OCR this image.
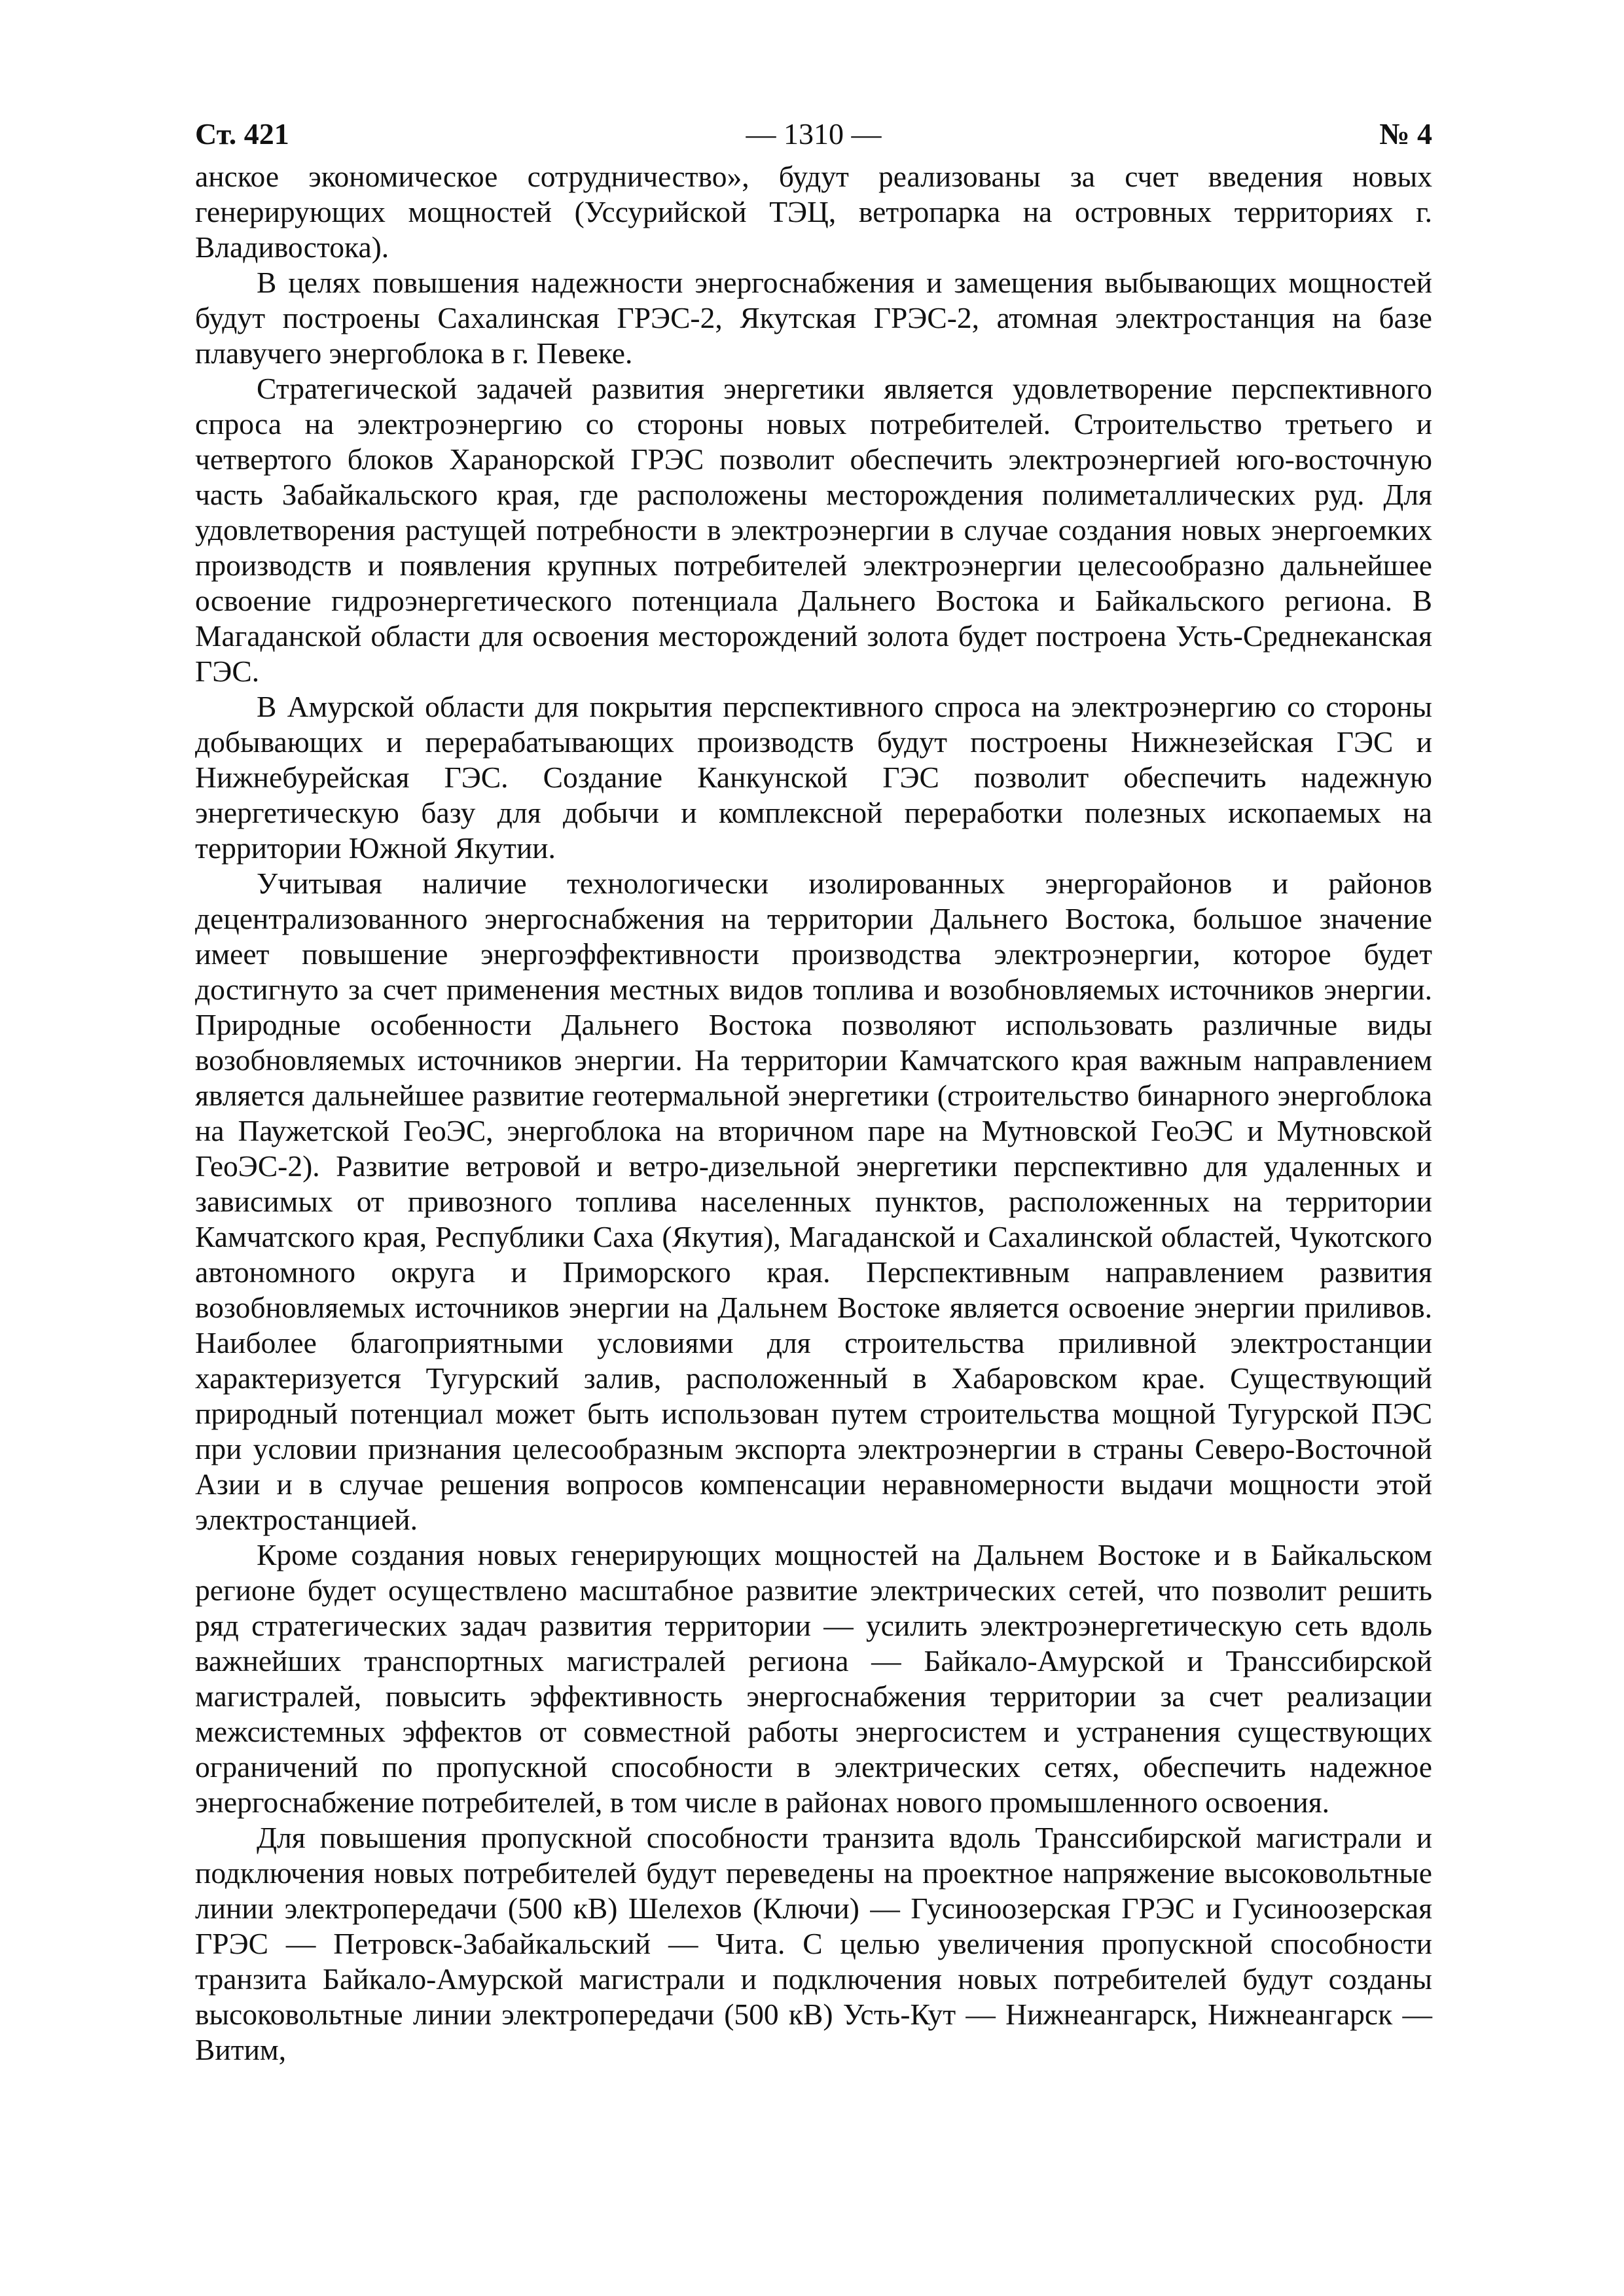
Ст. 421	— 1310 —	№ 4

анское экономическое сотрудничество», будут реализованы за счет введения новых генерирующих мощностей (Уссурийской ТЭЦ, ветропарка на островных территориях г. Владивостока).

В целях повышения надежности энергоснабжения и замещения выбывающих мощностей будут построены Сахалинская ГРЭС-2, Якутская ГРЭС-2, атомная электростанция на базе плавучего энергоблока в г. Певеке.

Стратегической задачей развития энергетики является удовлетворение перспективного спроса на электроэнергию со стороны новых потребителей. Строительство третьего и четвертого блоков Харанорской ГРЭС позволит обеспечить электроэнергией юго-восточную часть Забайкальского края, где расположены месторождения полиметаллических руд. Для удовлетворения растущей потребности в электроэнергии в случае создания новых энергоемких производств и появления крупных потребителей электроэнергии целесообразно дальнейшее освоение гидроэнергетического потенциала Дальнего Востока и Байкальского региона. В Магаданской области для освоения месторождений золота будет построена Усть-Среднеканская ГЭС.

В Амурской области для покрытия перспективного спроса на электроэнергию со стороны добывающих и перерабатывающих производств будут построены Нижнезейская ГЭС и Нижнебурейская ГЭС. Создание Канкунской ГЭС позволит обеспечить надежную энергетическую базу для добычи и комплексной переработки полезных ископаемых на территории Южной Якутии.

Учитывая наличие технологически изолированных энергорайонов и районов децентрализованного энергоснабжения на территории Дальнего Востока, большое значение имеет повышение энергоэффективности производства электроэнергии, которое будет достигнуто за счет применения местных видов топлива и возобновляемых источников энергии. Природные особенности Дальнего Востока позволяют использовать различные виды возобновляемых источников энергии. На территории Камчатского края важным направлением является дальнейшее развитие геотермальной энергетики (строительство бинарного энергоблока на Паужетской ГеоЭС, энергоблока на вторичном паре на Мутновской ГеоЭС и Мутновской ГеоЭС-2). Развитие ветровой и ветро-дизельной энергетики перспективно для удаленных и зависимых от привозного топлива населенных пунктов, расположенных на территории Камчатского края, Республики Саха (Якутия), Магаданской и Сахалинской областей, Чукотского автономного округа и Приморского края. Перспективным направлением развития возобновляемых источников энергии на Дальнем Востоке является освоение энергии приливов. Наиболее благоприятными условиями для строительства приливной электростанции характеризуется Тугурский залив, расположенный в Хабаровском крае. Существующий природный потенциал может быть использован путем строительства мощной Тугурской ПЭС при условии признания целесообразным экспорта электроэнергии в страны Северо-Восточной Азии и в случае решения вопросов компенсации неравномерности выдачи мощности этой электростанцией.

Кроме создания новых генерирующих мощностей на Дальнем Востоке и в Байкальском регионе будет осуществлено масштабное развитие электрических сетей, что позволит решить ряд стратегических задач развития территории — усилить электроэнергетическую сеть вдоль важнейших транспортных магистралей региона — Байкало-Амурской и Транссибирской магистралей, повысить эффективность энергоснабжения территории за счет реализации межсистемных эффектов от совместной работы энергосистем и устранения существующих ограничений по пропускной способности в электрических сетях, обеспечить надежное энергоснабжение потребителей, в том числе в районах нового промышленного освоения.

Для повышения пропускной способности транзита вдоль Транссибирской магистрали и подключения новых потребителей будут переведены на проектное напряжение высоковольтные линии электропередачи (500 кВ) Шелехов (Ключи) — Гусиноозерская ГРЭС и Гусиноозерская ГРЭС — Петровск-Забайкальский — Чита. С целью увеличения пропускной способности транзита Байкало-Амурской магистрали и подключения новых потребителей будут созданы высоковольтные линии электропередачи (500 кВ) Усть-Кут — Нижнеангарск, Нижнеангарск — Витим,
